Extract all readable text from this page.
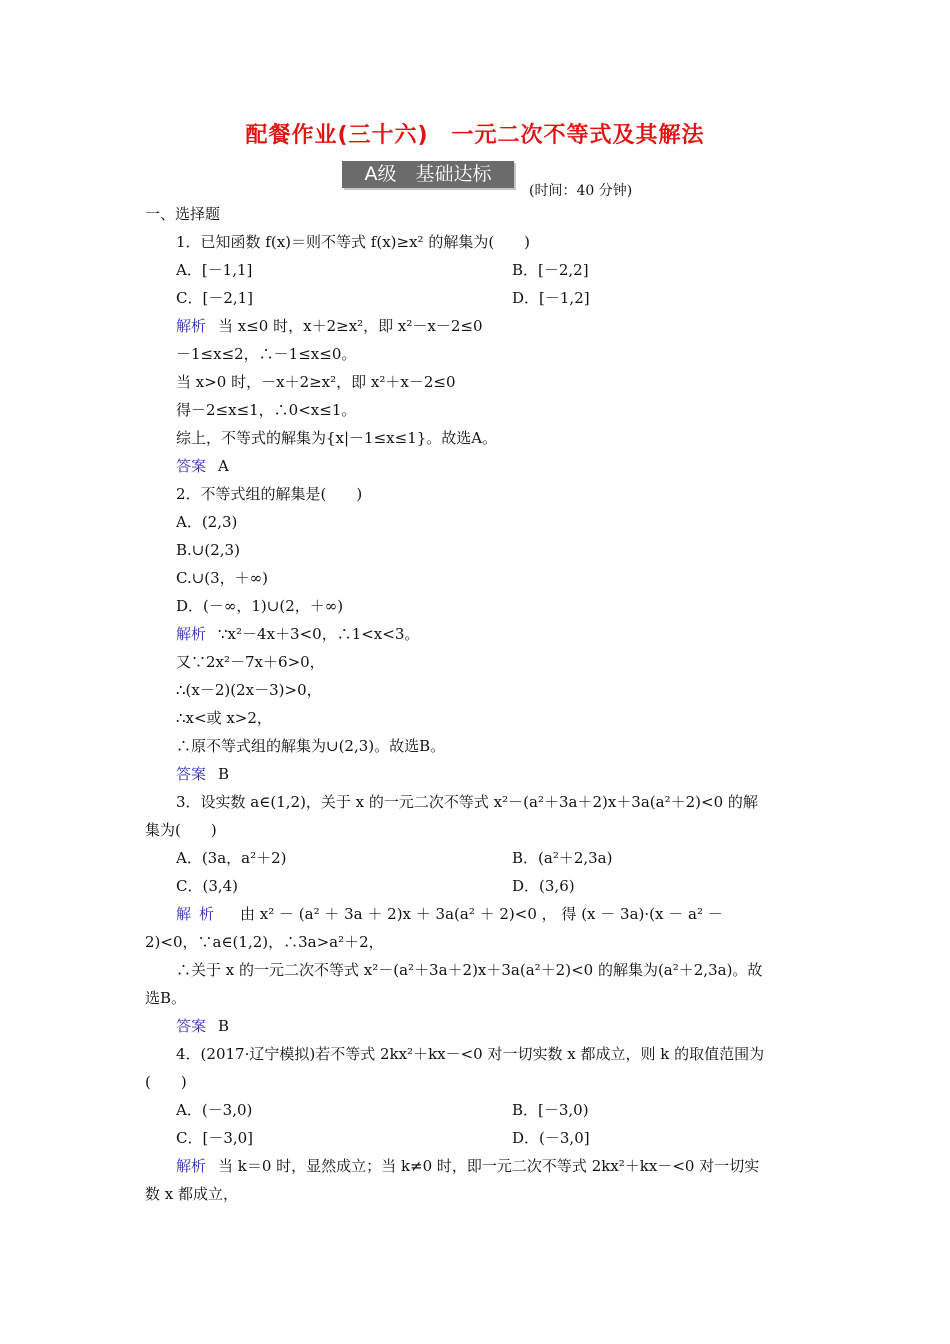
配餐作业(三十六)　一元二次不等式及其解法
A级　基础达标
(时间：40 分钟)
一、选择题
1．已知函数 f(x)＝则不等式 f(x)≥x² 的解集为(　　)
A．[－1,1]	B．[－2,2]
C．[－2,1]	D．[－1,2]
解析 当 x≤0 时，x＋2≥x²，即 x²－x－2≤0
－1≤x≤2，∴－1≤x≤0。
当 x>0 时，－x＋2≥x²，即 x²＋x－2≤0
得－2≤x≤1，∴0<x≤1。
综上，不等式的解集为{x|－1≤x≤1}。故选A。
答案 A
2．不等式组的解集是(　　)
A．(2,3)
B.∪(2,3)
C.∪(3，＋∞)
D．(－∞，1)∪(2，＋∞)
解析 ∵x²－4x＋3<0，∴1<x<3。
又∵2x²－7x＋6>0，
∴(x－2)(2x－3)>0，
∴x<或 x>2，
∴原不等式组的解集为∪(2,3)。故选B。
答案 B
3．设实数 a∈(1,2)，关于 x 的一元二次不等式 x²－(a²＋3a＋2)x＋3a(a²＋2)<0 的解
集为(　　)
A．(3a，a²＋2)	B．(a²＋2,3a)
C．(3,4)	D．(3,6)
解析 由 x² － (a² ＋ 3a ＋ 2)x ＋ 3a(a² ＋ 2)<0 ， 得 (x － 3a)·(x － a² －
2)<0，∵a∈(1,2)，∴3a>a²＋2，
∴关于 x 的一元二次不等式 x²－(a²＋3a＋2)x＋3a(a²＋2)<0 的解集为(a²＋2,3a)。故
选B。
答案 B
4．(2017·辽宁模拟)若不等式 2kx²＋kx－<0 对一切实数 x 都成立，则 k 的取值范围为
(　　)
A．(－3,0)	B．[－3,0)
C．[－3,0]	D．(－3,0]
解析 当 k＝0 时，显然成立；当 k≠0 时，即一元二次不等式 2kx²＋kx－<0 对一切实
数 x 都成立，
